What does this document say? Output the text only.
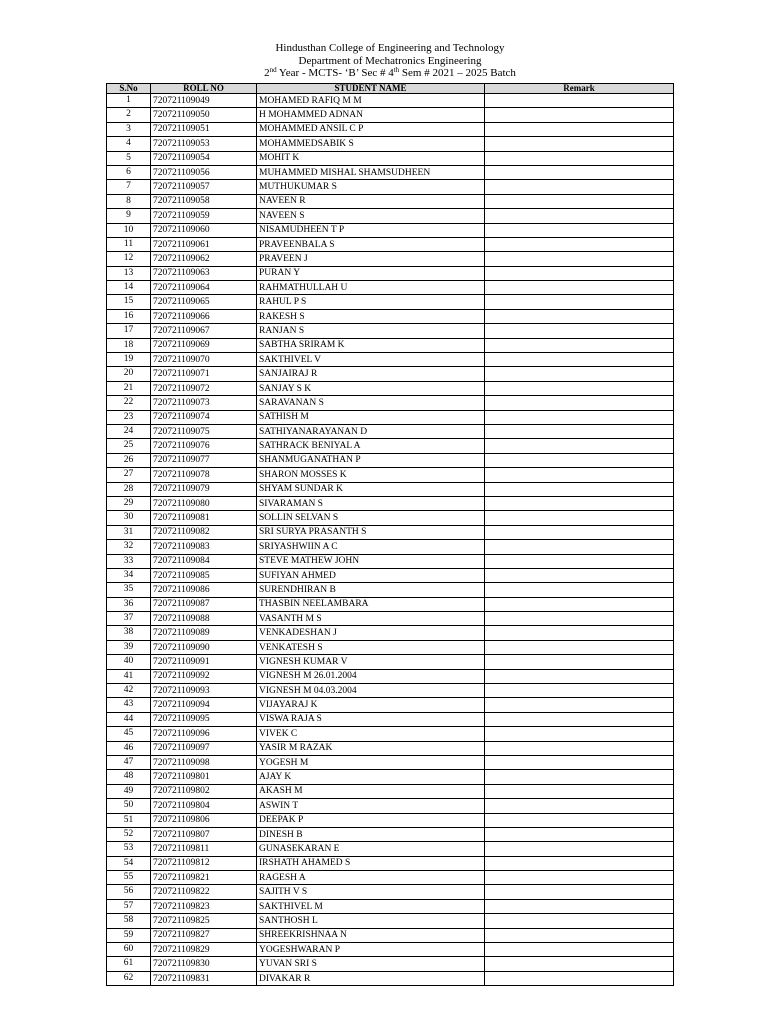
Hindusthan College of Engineering and Technology
Department of Mechatronics Engineering
2nd Year - MCTS- ‘B’ Sec # 4th Sem # 2021 – 2025 Batch
S.No	ROLL NO	STUDENT NAME	Remark
1	720721109049	MOHAMED RAFIQ M M	
2	720721109050	H MOHAMMED ADNAN	
3	720721109051	MOHAMMED ANSIL C P	
4	720721109053	MOHAMMEDSABIK S	
5	720721109054	MOHIT K	
6	720721109056	MUHAMMED MISHAL SHAMSUDHEEN	
7	720721109057	MUTHUKUMAR S	
8	720721109058	NAVEEN R	
9	720721109059	NAVEEN S	
10	720721109060	NISAMUDHEEN T P	
11	720721109061	PRAVEENBALA S	
12	720721109062	PRAVEEN J	
13	720721109063	PURAN Y	
14	720721109064	RAHMATHULLAH U	
15	720721109065	RAHUL P S	
16	720721109066	RAKESH S	
17	720721109067	RANJAN S	
18	720721109069	SABTHA SRIRAM K	
19	720721109070	SAKTHIVEL V	
20	720721109071	SANJAIRAJ R	
21	720721109072	SANJAY S K	
22	720721109073	SARAVANAN S	
23	720721109074	SATHISH M	
24	720721109075	SATHIYANARAYANAN D	
25	720721109076	SATHRACK BENIYAL A	
26	720721109077	SHANMUGANATHAN P	
27	720721109078	SHARON MOSSES K	
28	720721109079	SHYAM SUNDAR K	
29	720721109080	SIVARAMAN S	
30	720721109081	SOLLIN SELVAN S	
31	720721109082	SRI SURYA PRASANTH S	
32	720721109083	SRIYASHWIIN A C	
33	720721109084	STEVE MATHEW JOHN	
34	720721109085	SUFIYAN AHMED	
35	720721109086	SURENDHIRAN B	
36	720721109087	THASBIN NEELAMBARA	
37	720721109088	VASANTH M S	
38	720721109089	VENKADESHAN J	
39	720721109090	VENKATESH S	
40	720721109091	VIGNESH KUMAR V	
41	720721109092	VIGNESH M 26.01.2004	
42	720721109093	VIGNESH M 04.03.2004	
43	720721109094	VIJAYARAJ K	
44	720721109095	VISWA RAJA S	
45	720721109096	VIVEK C	
46	720721109097	YASIR M RAZAK	
47	720721109098	YOGESH M	
48	720721109801	AJAY K	
49	720721109802	AKASH M	
50	720721109804	ASWIN T	
51	720721109806	DEEPAK P	
52	720721109807	DINESH B	
53	720721109811	GUNASEKARAN E	
54	720721109812	IRSHATH AHAMED S	
55	720721109821	RAGESH A	
56	720721109822	SAJITH V S	
57	720721109823	SAKTHIVEL M	
58	720721109825	SANTHOSH L	
59	720721109827	SHREEKRISHNAA N	
60	720721109829	YOGESHWARAN P	
61	720721109830	YUVAN SRI S	
62	720721109831	DIVAKAR R	
